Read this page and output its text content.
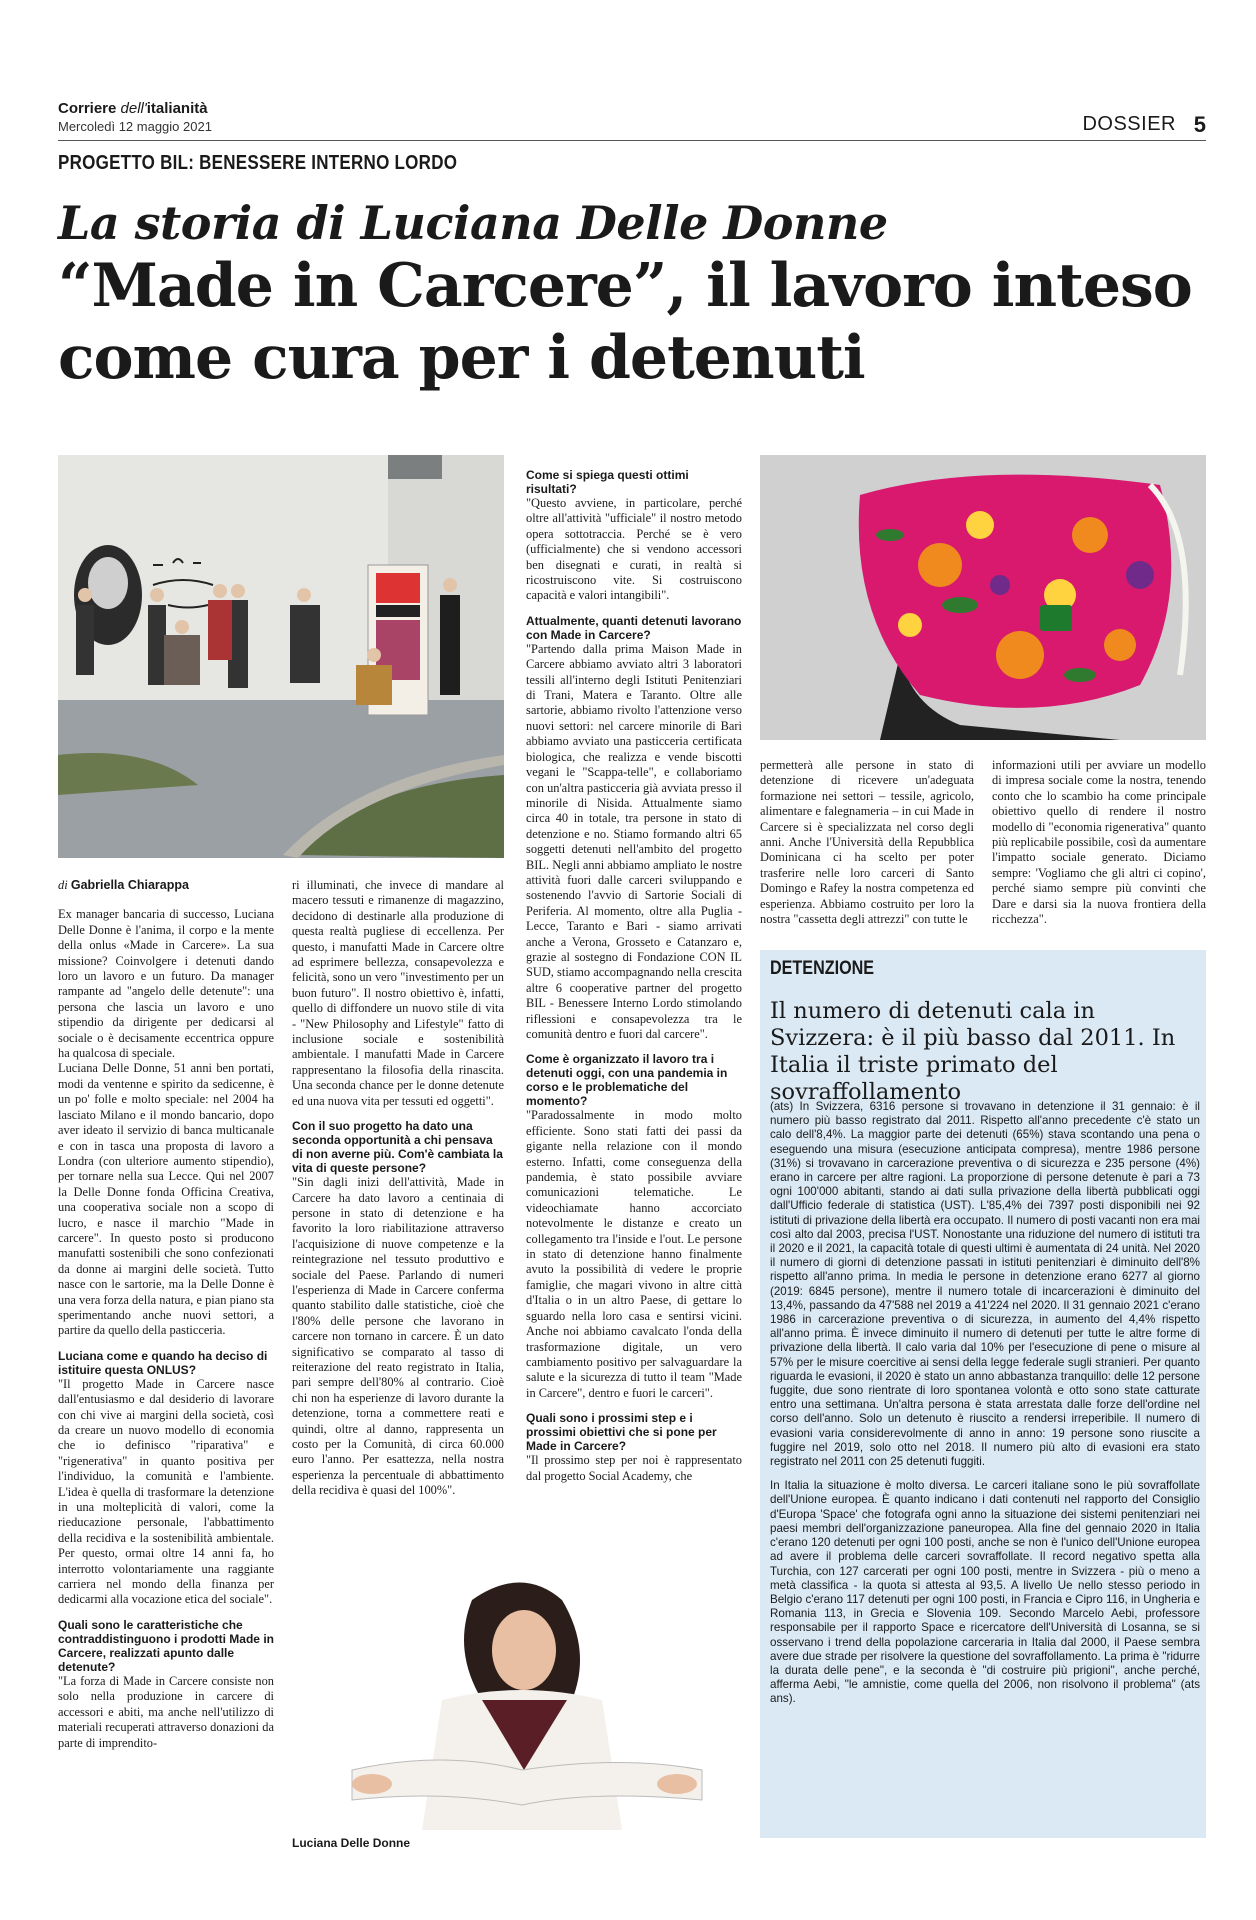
Corriere dell'italianità
Mercoledì 12 maggio 2021	DOSSIER 5
PROGETTO BIL: BENESSERE INTERNO LORDO
La storia di Luciana Delle Donne
“Made in Carcere”, il lavoro inteso come cura per i detenuti
Luciana Delle Donne
di Gabriella Chiarappa

Ex manager bancaria di successo, Luciana Delle Donne è l'anima, il corpo e la mente della onlus «Made in Carcere». La sua missione? Coinvolgere i detenuti dando loro un lavoro e un futuro. Da manager rampante ad "angelo delle detenute": una persona che lascia un lavoro e uno stipendio da dirigente per dedicarsi al sociale o è decisamente eccentrica oppure ha qualcosa di speciale.

Luciana Delle Donne, 51 anni ben portati, modi da ventenne e spirito da sedicenne, è un po' folle e molto speciale: nel 2004 ha lasciato Milano e il mondo bancario, dopo aver ideato il servizio di banca multicanale e con in tasca una proposta di lavoro a Londra (con ulteriore aumento stipendio), per tornare nella sua Lecce. Qui nel 2007 la Delle Donne fonda Officina Creativa, una cooperativa sociale non a scopo di lucro, e nasce il marchio "Made in carcere". In questo posto si producono manufatti sostenibili che sono confezionati da donne ai margini delle società. Tutto nasce con le sartorie, ma la Delle Donne è una vera forza della natura, e pian piano sta sperimentando anche nuovi settori, a partire da quello della pasticceria.

Luciana come e quando ha deciso di istituire questa ONLUS?

"Il progetto Made in Carcere nasce dall'entusiasmo e dal desiderio di lavorare con chi vive ai margini della società, così da creare un nuovo modello di economia che io definisco "riparativa" e "rigenerativa" in quanto positiva per l'individuo, la comunità e l'ambiente. L'idea è quella di trasformare la detenzione in una molteplicità di valori, come la rieducazione personale, l'abbattimento della recidiva e la sostenibilità ambientale. Per questo, ormai oltre 14 anni fa, ho interrotto volontariamente una raggiante carriera nel mondo della finanza per dedicarmi alla vocazione etica del sociale".

Quali sono le caratteristiche che contraddistinguono i prodotti Made in Carcere, realizzati apunto dalle detenute?

"La forza di Made in Carcere consiste non solo nella produzione in carcere di accessori e abiti, ma anche nell'utilizzo di materiali recuperati attraverso donazioni da parte di imprendito-

ri illuminati, che invece di mandare al macero tessuti e rimanenze di magazzino, decidono di destinarle alla produzione di questa realtà pugliese di eccellenza. Per questo, i manufatti Made in Carcere oltre ad esprimere bellezza, consapevolezza e felicità, sono un vero "investimento per un buon futuro". Il nostro obiettivo è, infatti, quello di diffondere un nuovo stile di vita - "New Philosophy and Lifestyle" fatto di inclusione sociale e sostenibilità ambientale. I manufatti Made in Carcere rappresentano la filosofia della rinascita. Una seconda chance per le donne detenute ed una nuova vita per tessuti ed oggetti".

Con il suo progetto ha dato una seconda opportunità a chi pensava di non averne più. Com'è cambiata la vita di queste persone?

"Sin dagli inizi dell'attività, Made in Carcere ha dato lavoro a centinaia di persone in stato di detenzione e ha favorito la loro riabilitazione attraverso l'acquisizione di nuove competenze e la reintegrazione nel tessuto produttivo e sociale del Paese. Parlando di numeri l'esperienza di Made in Carcere conferma quanto stabilito dalle statistiche, cioè che l'80% delle persone che lavorano in carcere non tornano in carcere. È un dato significativo se comparato al tasso di reiterazione del reato registrato in Italia, pari sempre dell'80% al contrario. Cioè chi non ha esperienze di lavoro durante la detenzione, torna a commettere reati e quindi, oltre al danno, rappresenta un costo per la Comunità, di circa 60.000 euro l'anno. Per esattezza, nella nostra esperienza la percentuale di abbattimento della recidiva è quasi del 100%".

Come si spiega questi ottimi risultati?

"Questo avviene, in particolare, perché oltre all'attività "ufficiale" il nostro metodo opera sottotraccia. Perché se è vero (ufficialmente) che si vendono accessori ben disegnati e curati, in realtà si ricostruiscono vite. Si costruiscono capacità e valori intangibili".

Attualmente, quanti detenuti lavorano con Made in Carcere?

"Partendo dalla prima Maison Made in Carcere abbiamo avviato altri 3 laboratori tessili all'interno degli Istituti Penitenziari di Trani, Matera e Taranto. Oltre alle sartorie, abbiamo rivolto l'attenzione verso nuovi settori: nel carcere minorile di Bari abbiamo avviato una pasticceria certificata biologica, che realizza e vende biscotti vegani le "Scappa-telle", e collaboriamo con un'altra pasticceria già avviata presso il minorile di Nisida. Attualmente siamo circa 40 in totale, tra persone in stato di detenzione e no. Stiamo formando altri 65 soggetti detenuti nell'ambito del progetto BIL. Negli anni abbiamo ampliato le nostre attività fuori dalle carceri sviluppando e sostenendo l'avvio di Sartorie Sociali di Periferia. Al momento, oltre alla Puglia - Lecce, Taranto e Bari - siamo arrivati anche a Verona, Grosseto e Catanzaro e, grazie al sostegno di Fondazione CON IL SUD, stiamo accompagnando nella crescita altre 6 cooperative partner del progetto BIL - Benessere Interno Lordo stimolando riflessioni e consapevolezza tra le comunità dentro e fuori dal carcere".

Come è organizzato il lavoro tra i detenuti oggi, con una pandemia in corso e le problematiche del momento?

"Paradossalmente in modo molto efficiente. Sono stati fatti dei passi da gigante nella relazione con il mondo esterno. Infatti, come conseguenza della pandemia, è stato possibile avviare comunicazioni telematiche. Le videochiamate hanno accorciato notevolmente le distanze e creato un collegamento tra l'inside e l'out. Le persone in stato di detenzione hanno finalmente avuto la possibilità di vedere le proprie famiglie, che magari vivono in altre città d'Italia o in un altro Paese, di gettare lo sguardo nella loro casa e sentirsi vicini. Anche noi abbiamo cavalcato l'onda della trasformazione digitale, un vero cambiamento positivo per salvaguardare la salute e la sicurezza di tutto il team "Made in Carcere", dentro e fuori le carceri".

Quali sono i prossimi step e i prossimi obiettivi che si pone per Made in Carcere?

"Il prossimo step per noi è rappresentato dal progetto Social Academy, che

permetterà alle persone in stato di detenzione di ricevere un'adeguata formazione nei settori – tessile, agricolo, alimentare e falegnameria – in cui Made in Carcere si è specializzata nel corso degli anni. Anche l'Università della Repubblica Dominicana ci ha scelto per poter trasferire nelle loro carceri di Santo Domingo e Rafey la nostra competenza ed esperienza. Abbiamo costruito per loro la nostra "cassetta degli attrezzi" con tutte le

informazioni utili per avviare un modello di impresa sociale come la nostra, tenendo conto che lo scambio ha come principale obiettivo quello di rendere il nostro modello di "economia rigenerativa" quanto più replicabile possibile, così da aumentare l'impatto sociale generato. Diciamo sempre: 'Vogliamo che gli altri ci copino', perché siamo sempre più convinti che Dare e darsi sia la nuova frontiera della ricchezza".

DETENZIONE
Il numero di detenuti cala in Svizzera: è il più basso dal 2011. In Italia il triste primato del sovraffollamento

(ats) In Svizzera, 6316 persone si trovavano in detenzione il 31 gennaio: è il numero più basso registrato dal 2011. Rispetto all'anno precedente c'è stato un calo dell'8,4%. La maggior parte dei detenuti (65%) stava scontando una pena o eseguendo una misura (esecuzione anticipata compresa), mentre 1986 persone (31%) si trovavano in carcerazione preventiva o di sicurezza e 235 persone (4%) erano in carcere per altre ragioni. La proporzione di persone detenute è pari a 73 ogni 100'000 abitanti, stando ai dati sulla privazione della libertà pubblicati oggi dall'Ufficio federale di statistica (UST). L'85,4% dei 7397 posti disponibili nei 92 istituti di privazione della libertà era occupato. Il numero di posti vacanti non era mai così alto dal 2003, precisa l'UST. Nonostante una riduzione del numero di istituti tra il 2020 e il 2021, la capacità totale di questi ultimi è aumentata di 24 unità. Nel 2020 il numero di giorni di detenzione passati in istituti penitenziari è diminuito dell'8% rispetto all'anno prima. In media le persone in detenzione erano 6277 al giorno (2019: 6845 persone), mentre il numero totale di incarcerazioni è diminuito del 13,4%, passando da 47'588 nel 2019 a 41'224 nel 2020. Il 31 gennaio 2021 c'erano 1986 in carcerazione preventiva o di sicurezza, in aumento del 4,4% rispetto all'anno prima. È invece diminuito il numero di detenuti per tutte le altre forme di privazione della libertà. Il calo varia dal 10% per l'esecuzione di pene o misure al 57% per le misure coercitive ai sensi della legge federale sugli stranieri. Per quanto riguarda le evasioni, il 2020 è stato un anno abbastanza tranquillo: delle 12 persone fuggite, due sono rientrate di loro spontanea volontà e otto sono state catturate entro una settimana. Un'altra persona è stata arrestata dalle forze dell'ordine nel corso dell'anno. Solo un detenuto è riuscito a rendersi irreperibile. Il numero di evasioni varia considerevolmente di anno in anno: 19 persone sono riuscite a fuggire nel 2019, solo otto nel 2018. Il numero più alto di evasioni era stato registrato nel 2011 con 25 detenuti fuggiti.

In Italia la situazione è molto diversa. Le carceri italiane sono le più sovraffollate dell'Unione europea. È quanto indicano i dati contenuti nel rapporto del Consiglio d'Europa 'Space' che fotografa ogni anno la situazione dei sistemi penitenziari nei paesi membri dell'organizzazione paneuropea. Alla fine del gennaio 2020 in Italia c'erano 120 detenuti per ogni 100 posti, anche se non è l'unico dell'Unione europea ad avere il problema delle carceri sovraffollate. Il record negativo spetta alla Turchia, con 127 carcerati per ogni 100 posti, mentre in Svizzera - più o meno a metà classifica - la quota si attesta al 93,5. A livello Ue nello stesso periodo in Belgio c'erano 117 detenuti per ogni 100 posti, in Francia e Cipro 116, in Ungheria e Romania 113, in Grecia e Slovenia 109. Secondo Marcelo Aebi, professore responsabile per il rapporto Space e ricercatore dell'Università di Losanna, se si osservano i trend della popolazione carceraria in Italia dal 2000, il Paese sembra avere due strade per risolvere la questione del sovraffollamento. La prima è "ridurre la durata delle pene", e la seconda è "di costruire più prigioni", anche perché, afferma Aebi, "le amnistie, come quella del 2006, non risolvono il problema" (ats ans).
